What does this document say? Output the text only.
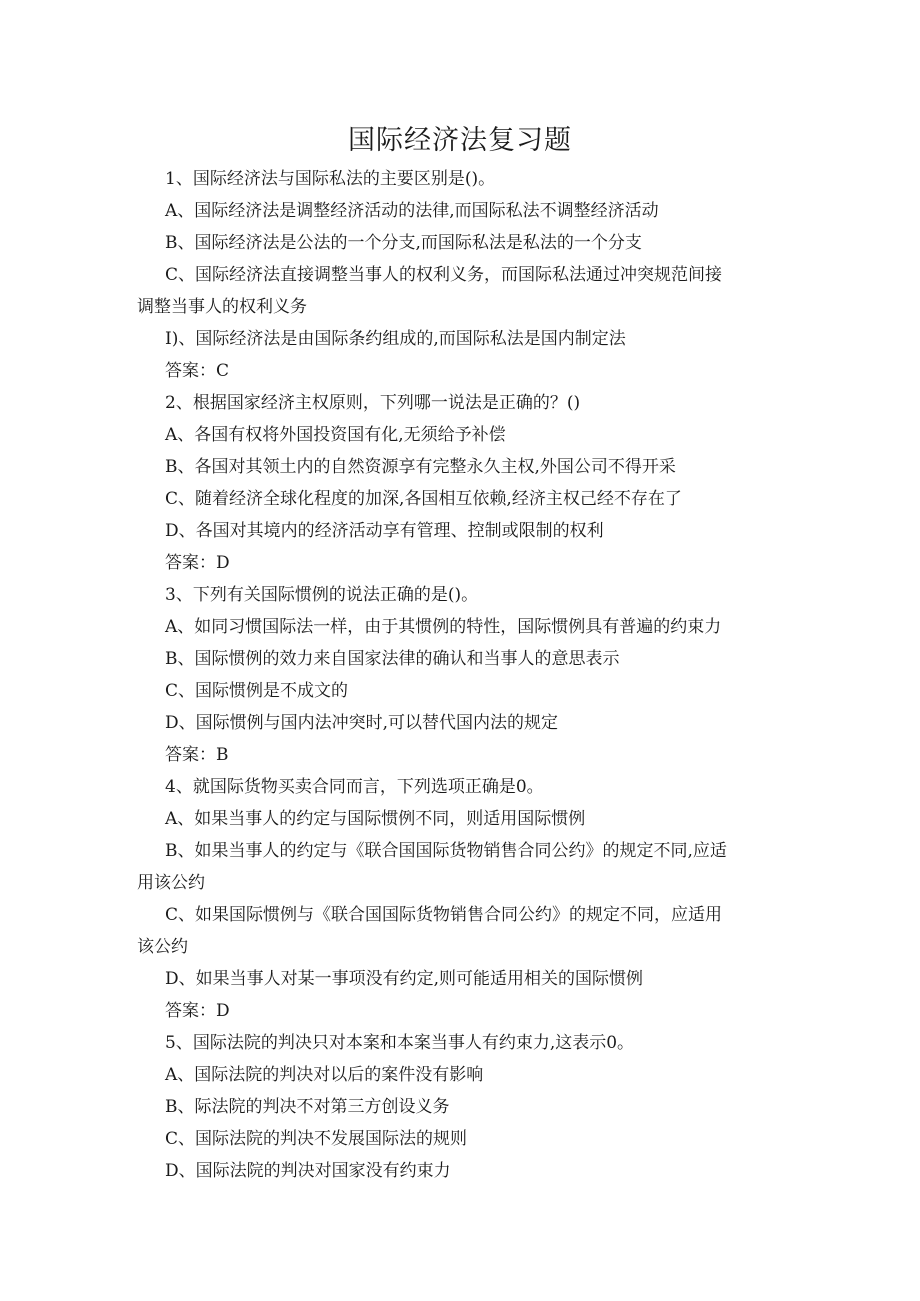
国际经济法复习题
1、国际经济法与国际私法的主要区别是()。
A、国际经济法是调整经济活动的法律,而国际私法不调整经济活动
B、国际经济法是公法的一个分支,而国际私法是私法的一个分支
C、国际经济法直接调整当事人的权利义务，而国际私法通过冲突规范间接
调整当事人的权利义务
I)、国际经济法是由国际条约组成的,而国际私法是国内制定法
答案：C
2、根据国家经济主权原则，下列哪一说法是正确的？()
A、各国有权将外国投资国有化,无须给予补偿
B、各国对其领土内的自然资源享有完整永久主权,外国公司不得开采
C、随着经济全球化程度的加深,各国相互依赖,经济主权己经不存在了
D、各国对其境内的经济活动享有管理、控制或限制的权利
答案：D
3、下列有关国际惯例的说法正确的是()。
A、如同习惯国际法一样，由于其惯例的特性，国际惯例具有普遍的约束力
B、国际惯例的效力来自国家法律的确认和当事人的意思表示
C、国际惯例是不成文的
D、国际惯例与国内法冲突时,可以替代国内法的规定
答案：B
4、就国际货物买卖合同而言，下列选项正确是0。
A、如果当事人的约定与国际惯例不同，则适用国际惯例
B、如果当事人的约定与《联合国国际货物销售合同公约》的规定不同,应适
用该公约
C、如果国际惯例与《联合国国际货物销售合同公约》的规定不同，应适用
该公约
D、如果当事人对某一事项没有约定,则可能适用相关的国际惯例
答案：D
5、国际法院的判决只对本案和本案当事人有约束力,这表示0。
A、国际法院的判决对以后的案件没有影响
B、际法院的判决不对第三方创设义务
C、国际法院的判决不发展国际法的规则
D、国际法院的判决对国家没有约束力
